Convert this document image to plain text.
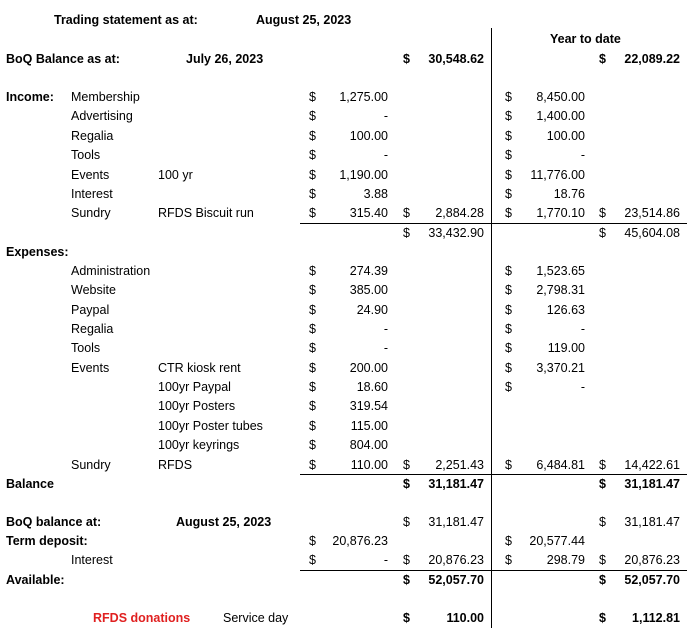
Trading statement as at:	August 25, 2023
Year to date
BoQ Balance as at:	July 26, 2023	$	30,548.62	$	22,089.22
Income: Membership	$	1,275.00	$	8,450.00
Advertising	$	-	$	1,400.00
Regalia	$	100.00	$	100.00
Tools	$	-	$	-
Events	100 yr	$	1,190.00	$	11,776.00
Interest	$	3.88	$	18.76
Sundry	RFDS Biscuit run	$	315.40 $	2,884.28 $	1,770.10 $	23,514.86
$	33,432.90	$	45,604.08
Expenses:
Administration	$	274.39	$	1,523.65
Website	$	385.00	$	2,798.31
Paypal	$	24.90	$	126.63
Regalia	$	-	$	-
Tools	$	-	$	119.00
Events	CTR kiosk rent	$	200.00	$	3,370.21
100yr Paypal	$	18.60	$	-
100yr Posters	$	319.54
100yr Poster tubes	$	115.00
100yr keyrings	$	804.00
Sundry	RFDS	$	110.00 $	2,251.43 $	6,484.81 $	14,422.61
Balance	$	31,181.47	$	31,181.47
BoQ balance at:	August 25, 2023	$	31,181.47	$	31,181.47
Term deposit:	$	20,876.23	$	20,577.44
Interest	$	- $	20,876.23 $	298.79 $	20,876.23
Available:	$	52,057.70	$	52,057.70
RFDS donations	Service day	$	110.00	$	1,112.81
